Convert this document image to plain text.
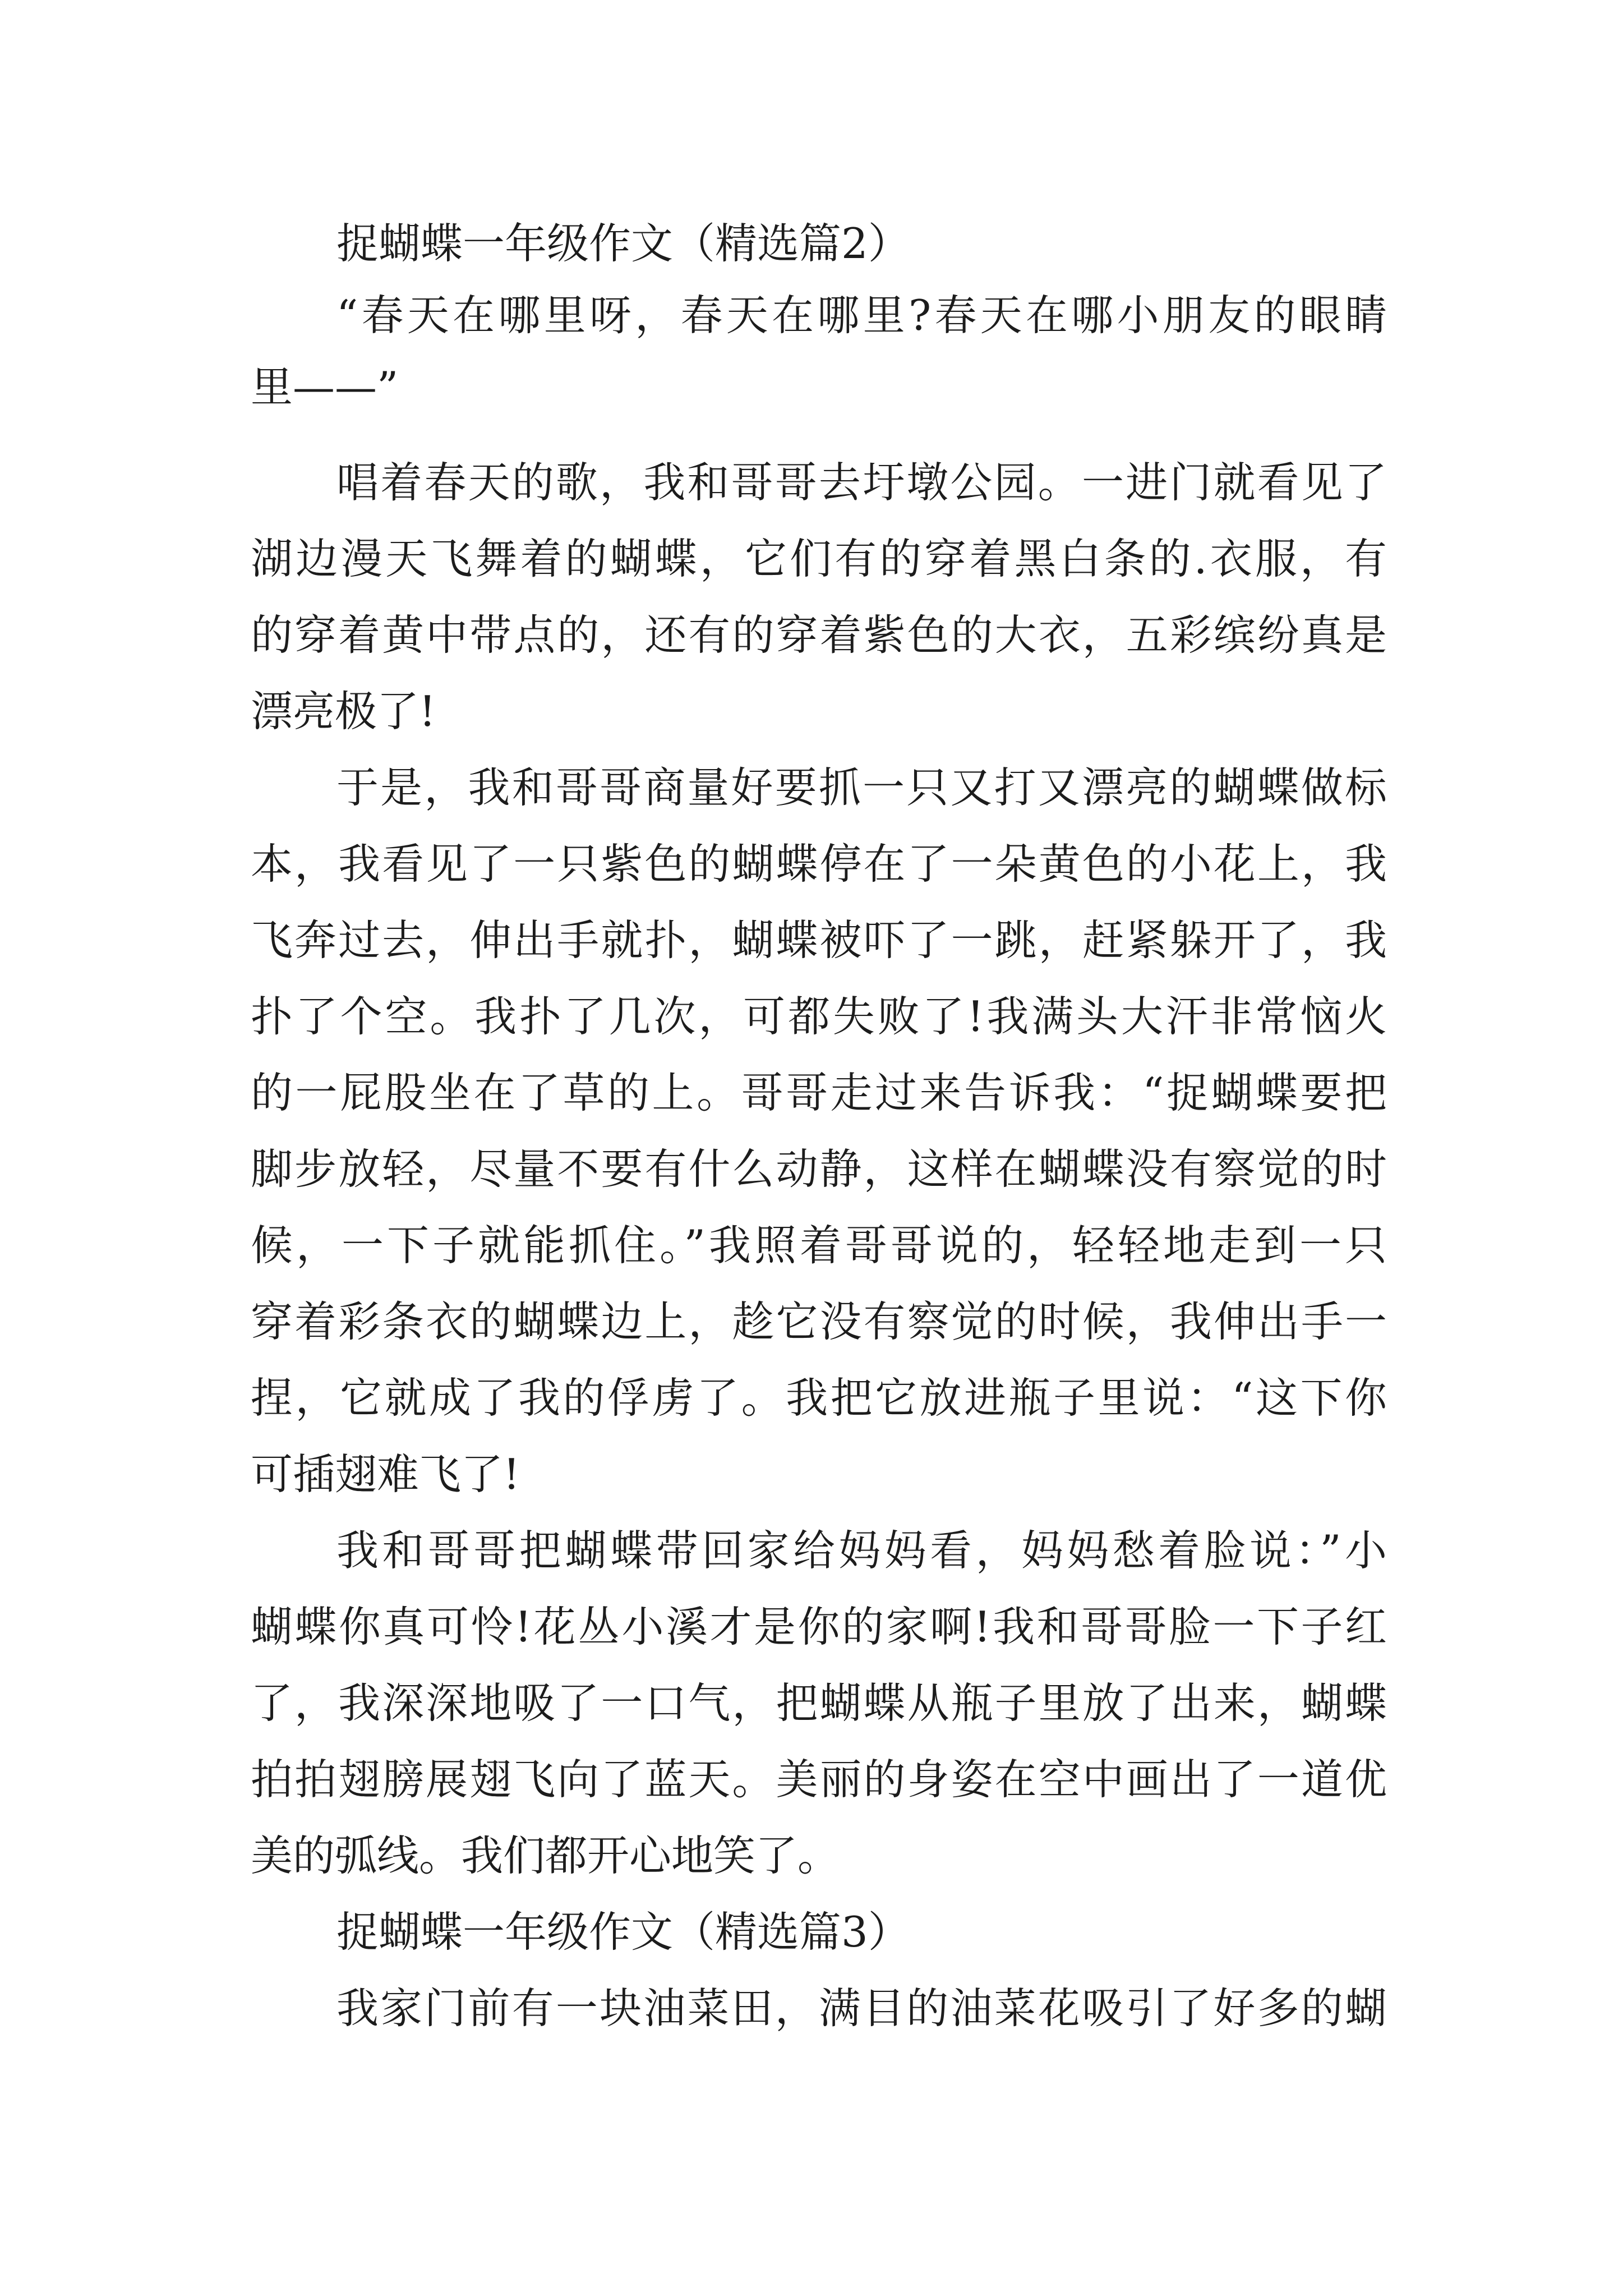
捉蝴蝶一年级作文（精选篇2）
“春天在哪里呀，春天在哪里?春天在哪小朋友的眼睛
里——”
唱着春天的歌，我和哥哥去圩墩公园。一进门就看见了
湖边漫天飞舞着的蝴蝶，它们有的穿着黑白条的.衣服，有
的穿着黄中带点的，还有的穿着紫色的大衣，五彩缤纷真是
漂亮极了!
于是，我和哥哥商量好要抓一只又打又漂亮的蝴蝶做标
本，我看见了一只紫色的蝴蝶停在了一朵黄色的小花上，我
飞奔过去，伸出手就扑，蝴蝶被吓了一跳，赶紧躲开了，我
扑了个空。我扑了几次，可都失败了!我满头大汗非常恼火
的一屁股坐在了草的上。哥哥走过来告诉我：“捉蝴蝶要把
脚步放轻，尽量不要有什么动静，这样在蝴蝶没有察觉的时
候，一下子就能抓住。”我照着哥哥说的，轻轻地走到一只
穿着彩条衣的蝴蝶边上，趁它没有察觉的时候，我伸出手一
捏，它就成了我的俘虏了。我把它放进瓶子里说：“这下你
可插翅难飞了!
我和哥哥把蝴蝶带回家给妈妈看，妈妈愁着脸说：”小
蝴蝶你真可怜!花丛小溪才是你的家啊!我和哥哥脸一下子红
了，我深深地吸了一口气，把蝴蝶从瓶子里放了出来，蝴蝶
拍拍翅膀展翅飞向了蓝天。美丽的身姿在空中画出了一道优
美的弧线。我们都开心地笑了。
捉蝴蝶一年级作文（精选篇3）
我家门前有一块油菜田，满目的油菜花吸引了好多的蝴
